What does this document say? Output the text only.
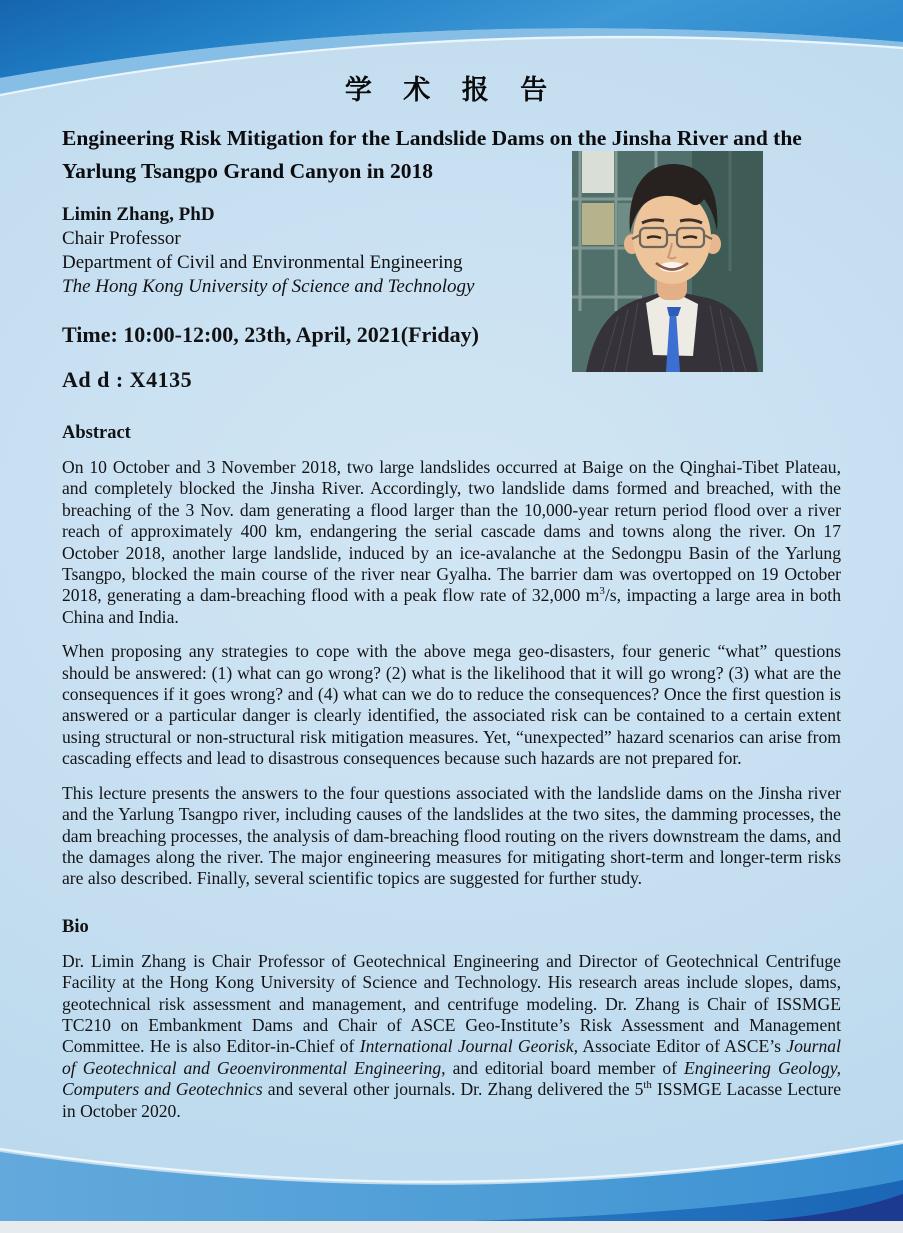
学 术 报 告
Engineering Risk Mitigation for the Landslide Dams on the Jinsha River and the Yarlung Tsangpo Grand Canyon in 2018
Limin Zhang, PhD
Chair Professor
Department of Civil and Environmental Engineering
The Hong Kong University of Science and Technology
Time: 10:00-12:00, 23th, April, 2021(Friday)
Ad d : X4135
Abstract

On 10 October and 3 November 2018, two large landslides occurred at Baige on the Qinghai-Tibet Plateau, and completely blocked the Jinsha River. Accordingly, two landslide dams formed and breached, with the breaching of the 3 Nov. dam generating a flood larger than the 10,000-year return period flood over a river reach of approximately 400 km, endangering the serial cascade dams and towns along the river. On 17 October 2018, another large landslide, induced by an ice-avalanche at the Sedongpu Basin of the Yarlung Tsangpo, blocked the main course of the river near Gyalha. The barrier dam was overtopped on 19 October 2018, generating a dam-breaching flood with a peak flow rate of 32,000 $m^3/s$, impacting a large area in both China and India.

When proposing any strategies to cope with the above mega geo-disasters, four generic “what” questions should be answered: (1) what can go wrong? (2) what is the likelihood that it will go wrong? (3) what are the consequences if it goes wrong? and (4) what can we do to reduce the consequences? Once the first question is answered or a particular danger is clearly identified, the associated risk can be contained to a certain extent using structural or non-structural risk mitigation measures. Yet, “unexpected” hazard scenarios can arise from cascading effects and lead to disastrous consequences because such hazards are not prepared for.

This lecture presents the answers to the four questions associated with the landslide dams on the Jinsha river and the Yarlung Tsangpo river, including causes of the landslides at the two sites, the damming processes, the dam breaching processes, the analysis of dam-breaching flood routing on the rivers downstream the dams, and the damages along the river. The major engineering measures for mitigating short-term and longer-term risks are also described. Finally, several scientific topics are suggested for further study.

Bio

Dr. Limin Zhang is Chair Professor of Geotechnical Engineering and Director of Geotechnical Centrifuge Facility at the Hong Kong University of Science and Technology. His research areas include slopes, dams, geotechnical risk assessment and management, and centrifuge modeling. Dr. Zhang is Chair of ISSMGE TC210 on Embankment Dams and Chair of ASCE Geo-Institute’s Risk Assessment and Management Committee. He is also Editor-in-Chief of International Journal Georisk, Associate Editor of ASCE’s Journal of Geotechnical and Geoenvironmental Engineering, and editorial board member of Engineering Geology, Computers and Geotechnics and several other journals. Dr. Zhang delivered the 5th ISSMGE Lacasse Lecture in October 2020.
